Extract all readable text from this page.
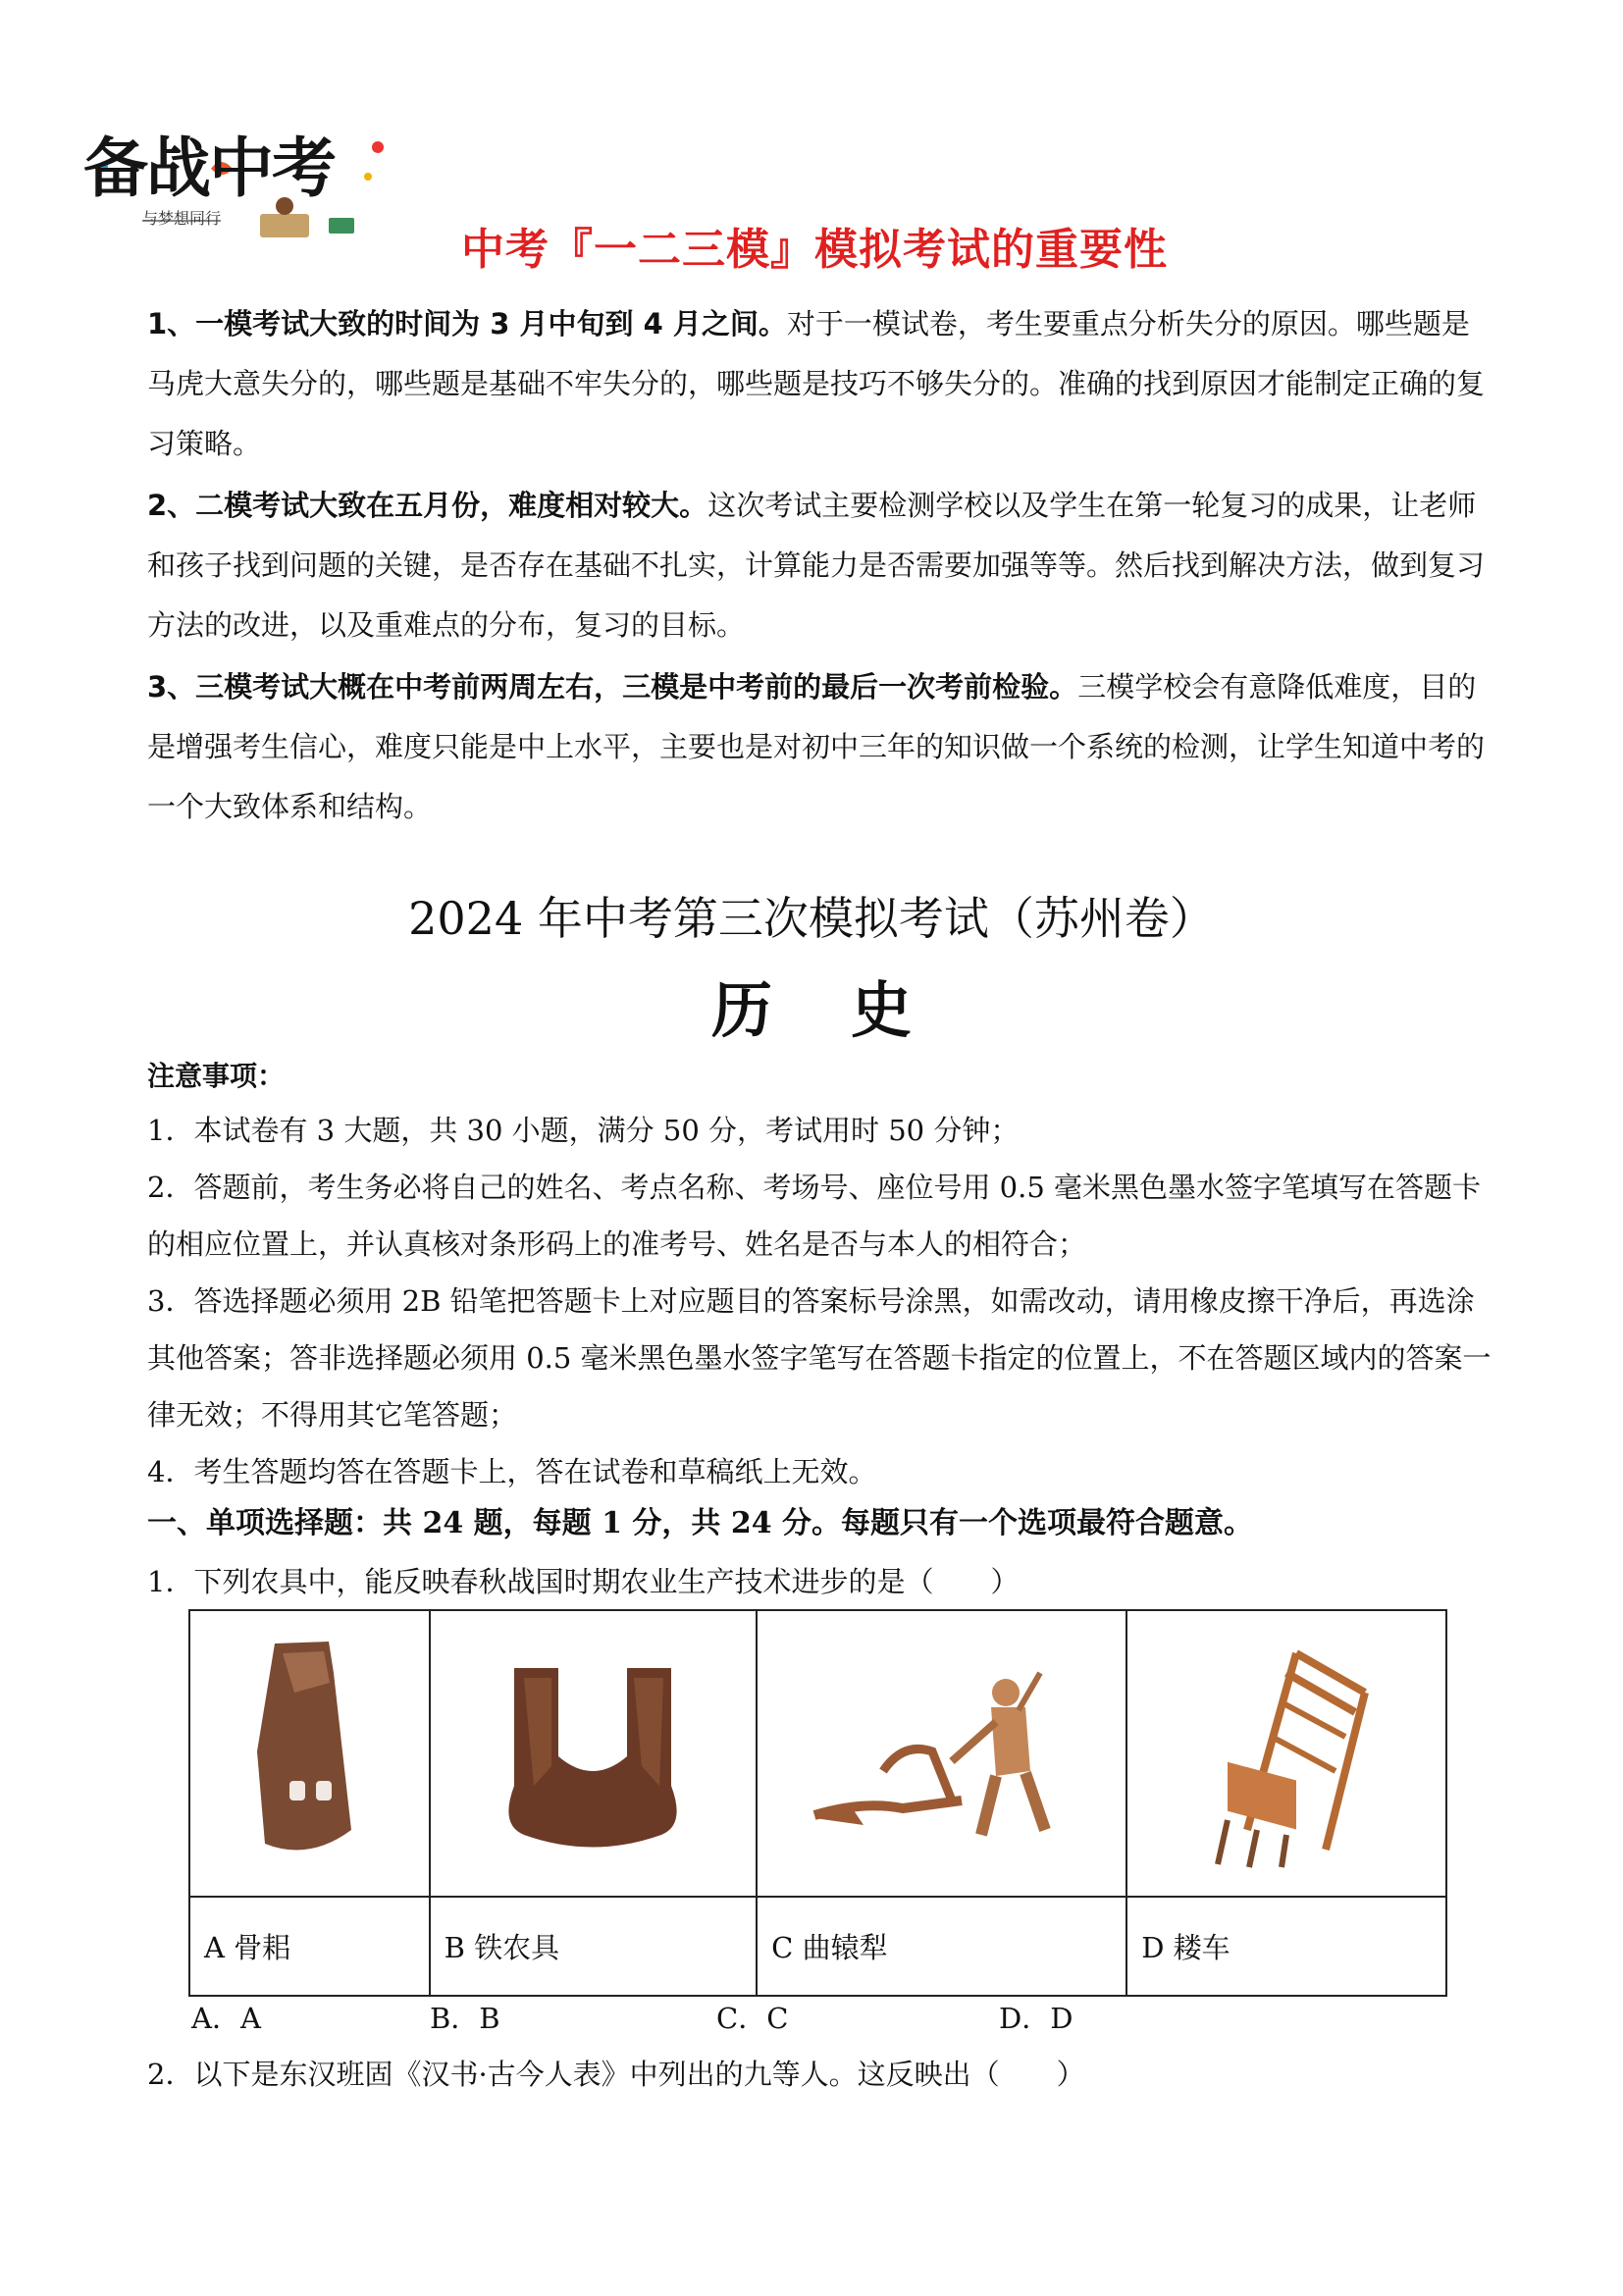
备战中考
与梦想同行
中考『一二三模』模拟考试的重要性
1、一模考试大致的时间为 3 月中旬到 4 月之间。对于一模试卷，考生要重点分析失分的原因。哪些题是马虎大意失分的，哪些题是基础不牢失分的，哪些题是技巧不够失分的。准确的找到原因才能制定正确的复习策略。
2、二模考试大致在五月份，难度相对较大。这次考试主要检测学校以及学生在第一轮复习的成果，让老师和孩子找到问题的关键，是否存在基础不扎实，计算能力是否需要加强等等。然后找到解决方法，做到复习方法的改进，以及重难点的分布，复习的目标。
3、三模考试大概在中考前两周左右，三模是中考前的最后一次考前检验。三模学校会有意降低难度，目的是增强考生信心，难度只能是中上水平，主要也是对初中三年的知识做一个系统的检测，让学生知道中考的一个大致体系和结构。
2024 年中考第三次模拟考试（苏州卷）
历史
注意事项：
1．本试卷有 3 大题，共 30 小题，满分 50 分，考试用时 50 分钟；
2．答题前，考生务必将自己的姓名、考点名称、考场号、座位号用 0.5 毫米黑色墨水签字笔填写在答题卡的相应位置上，并认真核对条形码上的准考号、姓名是否与本人的相符合；
3．答选择题必须用 2B 铅笔把答题卡上对应题目的答案标号涂黑，如需改动，请用橡皮擦干净后，再选涂其他答案；答非选择题必须用 0.5 毫米黑色墨水签字笔写在答题卡指定的位置上，不在答题区域内的答案一律无效；不得用其它笔答题；
4．考生答题均答在答题卡上，答在试卷和草稿纸上无效。
一、单项选择题：共 24 题，每题 1 分，共 24 分。每题只有一个选项最符合题意。
1．下列农具中，能反映春秋战国时期农业生产技术进步的是（　　）

A 骨耜	B 铁农具	C 曲辕犁	D 耧车
A．A	B．B	C．C	D．D
2．以下是东汉班固《汉书·古今人表》中列出的九等人。这反映出（　　）
